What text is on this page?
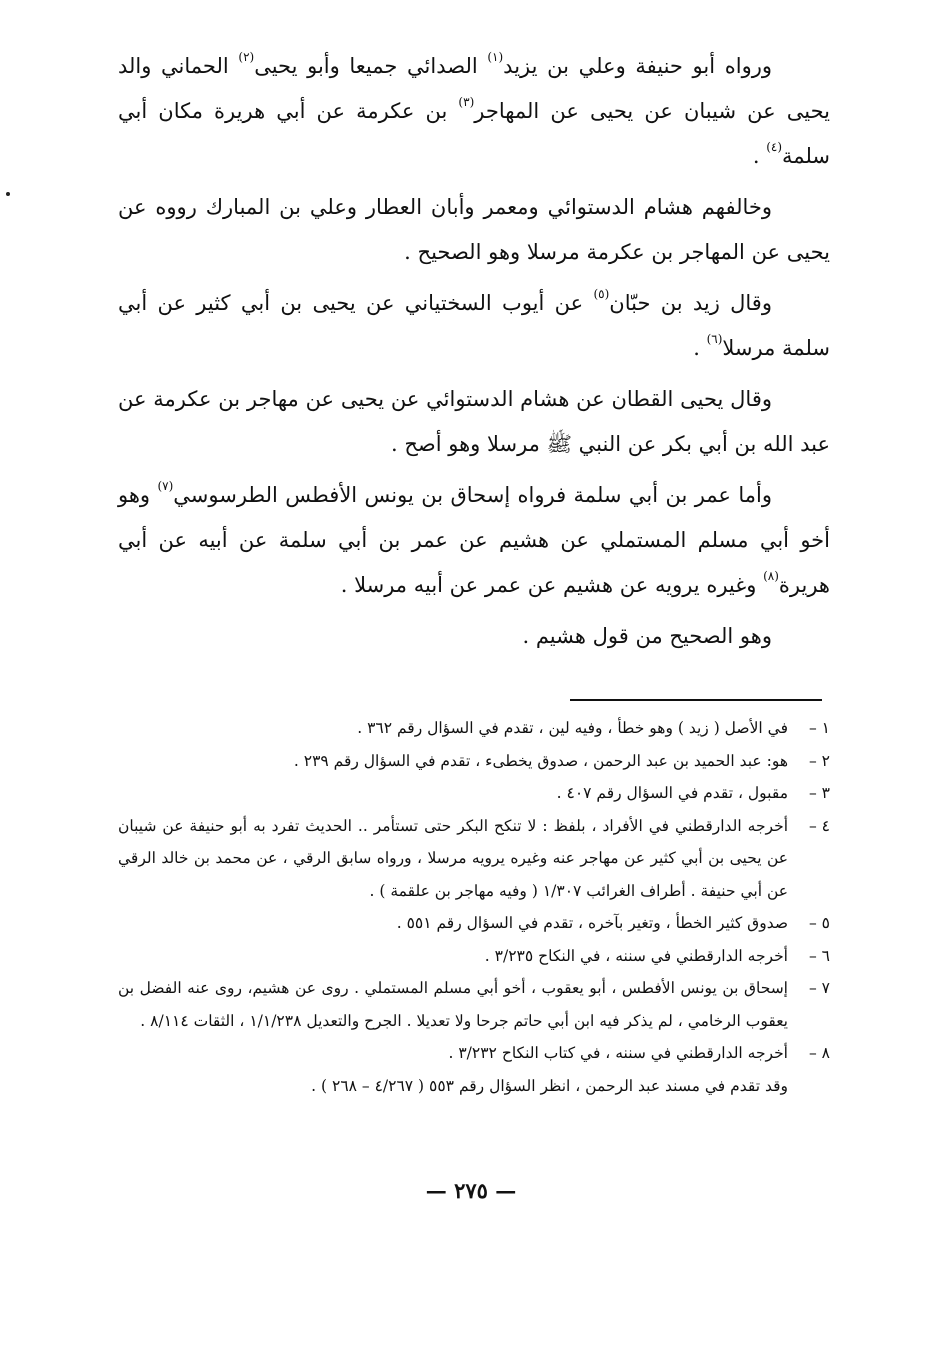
ورواه أبو حنيفة وعلي بن يزيد$^{(١)}$ الصدائي جميعا وأبو يحيى$^{(٢)}$ الحماني والد يحيى عن شيبان عن يحيى عن المهاجر$^{(٣)}$ بن عكرمة عن أبي هريرة مكان أبي سلمة$^{(٤)}$ .

وخالفهم هشام الدستوائي ومعمر وأبان العطار وعلي بن المبارك رووه عن يحيى عن المهاجر بن عكرمة مرسلا وهو الصحيح .

وقال زيد بن حبّان$^{(٥)}$ عن أيوب السختياني عن يحيى بن أبي كثير عن أبي سلمة مرسلا$^{(٦)}$ .

وقال يحيى القطان عن هشام الدستوائي عن يحيى عن مهاجر بن عكرمة عن عبد الله بن أبي بكر عن النبي ﷺ مرسلا وهو أصح .

وأما عمر بن أبي سلمة فرواه إسحاق بن يونس الأفطس الطرسوسي$^{(٧)}$ وهو أخو أبي مسلم المستملي عن هشيم عن عمر بن أبي سلمة عن أبيه عن أبي هريرة$^{(٨)}$ وغيره يرويه عن هشيم عن عمر عن أبيه مرسلا .

وهو الصحيح من قول هشيم .

١ –
في الأصل ( زيد ) وهو خطأ ، وفيه لين ، تقدم في السؤال رقم ٣٦٢ .
٢ –
هو: عبد الحميد بن عبد الرحمن ، صدوق يخطىء ، تقدم في السؤال رقم ٢٣٩ .
٣ –
مقبول ، تقدم في السؤال رقم ٤٠٧ .
٤ –
أخرجه الدارقطني في الأفراد ، بلفظ : لا تنكح البكر حتى تستأمر .. الحديث تفرد به أبو حنيفة عن شيبان عن يحيى بن أبي كثير عن مهاجر عنه وغيره يرويه مرسلا ، ورواه سابق الرقي ، عن محمد بن خالد الرقي عن أبي حنيفة . أطراف الغرائب ١/٣٠٧ ( وفيه مهاجر بن علقمة ) .
٥ –
صدوق كثير الخطأ ، وتغير بآخره ، تقدم في السؤال رقم ٥٥١ .
٦ –
أخرجه الدارقطني في سننه ، في النكاح ٣/٢٣٥ .
٧ –
إسحاق بن يونس الأفطس ، أبو يعقوب ، أخو أبي مسلم المستملي . روى عن هشيم، روى عنه الفضل بن يعقوب الرخامي ، لم يذكر فيه ابن أبي حاتم جرحا ولا تعديلا . الجرح والتعديل ١/١/٢٣٨ ، الثقات ٨/١١٤ .
٨ –
أخرجه الدارقطني في سننه ، في كتاب النكاح ٣/٢٣٢ .
وقد تقدم في مسند عبد الرحمن ، انظر السؤال رقم ٥٥٣ ( ٤/٢٦٧ – ٢٦٨ ) .
— ٢٧٥ —
